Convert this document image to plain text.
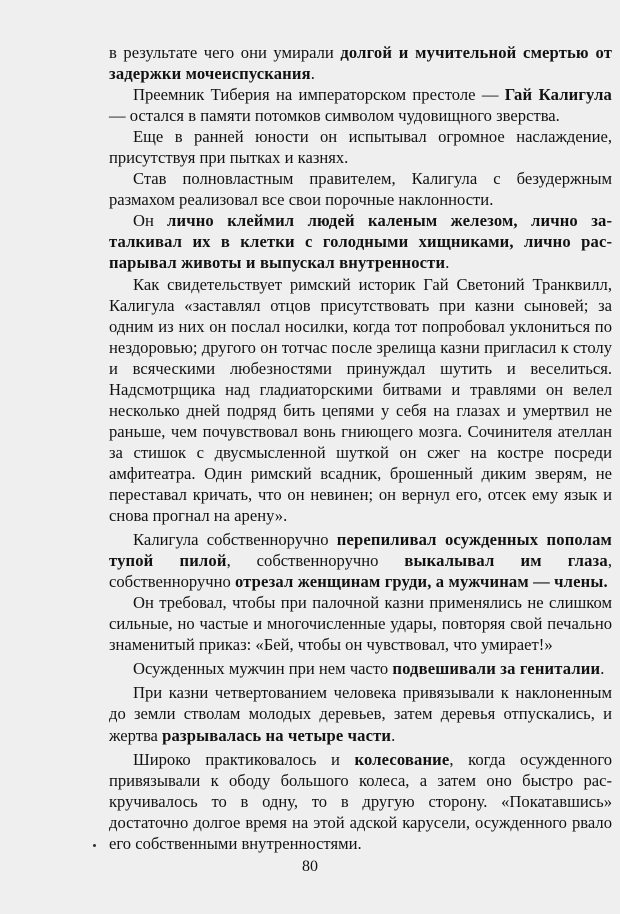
в результате чего они умирали долгой и мучительной смертью от задержки мочеиспускания.

Преемник Тиберия на императорском престоле — Гай Калигула — остался в памяти потомков символом чудовищного зверства.

Еще в ранней юности он испытывал огромное наслаждение, присутствуя при пытках и казнях.

Став полновластным правителем, Калигула с безудержным размахом реализовал все свои порочные наклонности.

Он лично клеймил людей каленым железом, лично заталкивал их в клетки с голодными хищниками, лично распарывал животы и выпускал внутренности.

Как свидетельствует римский историк Гай Светоний Транквилл, Калигула «заставлял отцов присутствовать при казни сыновей; за одним из них он послал носилки, когда тот попробовал уклониться по нездоровью; другого он тотчас после зрелища казни пригласил к столу и всяческими любезностями принуждал шутить и веселиться. Надсмотрщика над гладиаторскими битвами и травлями он велел несколько дней подряд бить цепями у себя на глазах и умертвил не раньше, чем почувствовал вонь гниющего мозга. Сочинителя ателлан за стишок с двусмысленной шуткой он сжег на костре посреди амфитеатра. Один римский всадник, брошенный диким зверям, не переставал кричать, что он невинен; он вернул его, отсек ему язык и снова прогнал на арену».

Калигула собственноручно перепиливал осужденных пополам тупой пилой, собственноручно выкалывал им глаза, собственноручно отрезал женщинам груди, а мужчинам — члены.

Он требовал, чтобы при палочной казни применялись не слишком сильные, но частые и многочисленные удары, повторяя свой печально знаменитый приказ: «Бей, чтобы он чувствовал, что умирает!»

Осужденных мужчин при нем часто подвешивали за гениталии.

При казни четвертованием человека привязывали к наклоненным до земли стволам молодых деревьев, затем деревья отпускались, и жертва разрывалась на четыре части.

Широко практиковалось и колесование, когда осужденного привязывали к ободу большого колеса, а затем оно быстро раскручивалось то в одну, то в другую сторону. «Покатавшись» достаточно долгое время на этой адской карусели, осужденного рвало его собственными внутренностями.

80
